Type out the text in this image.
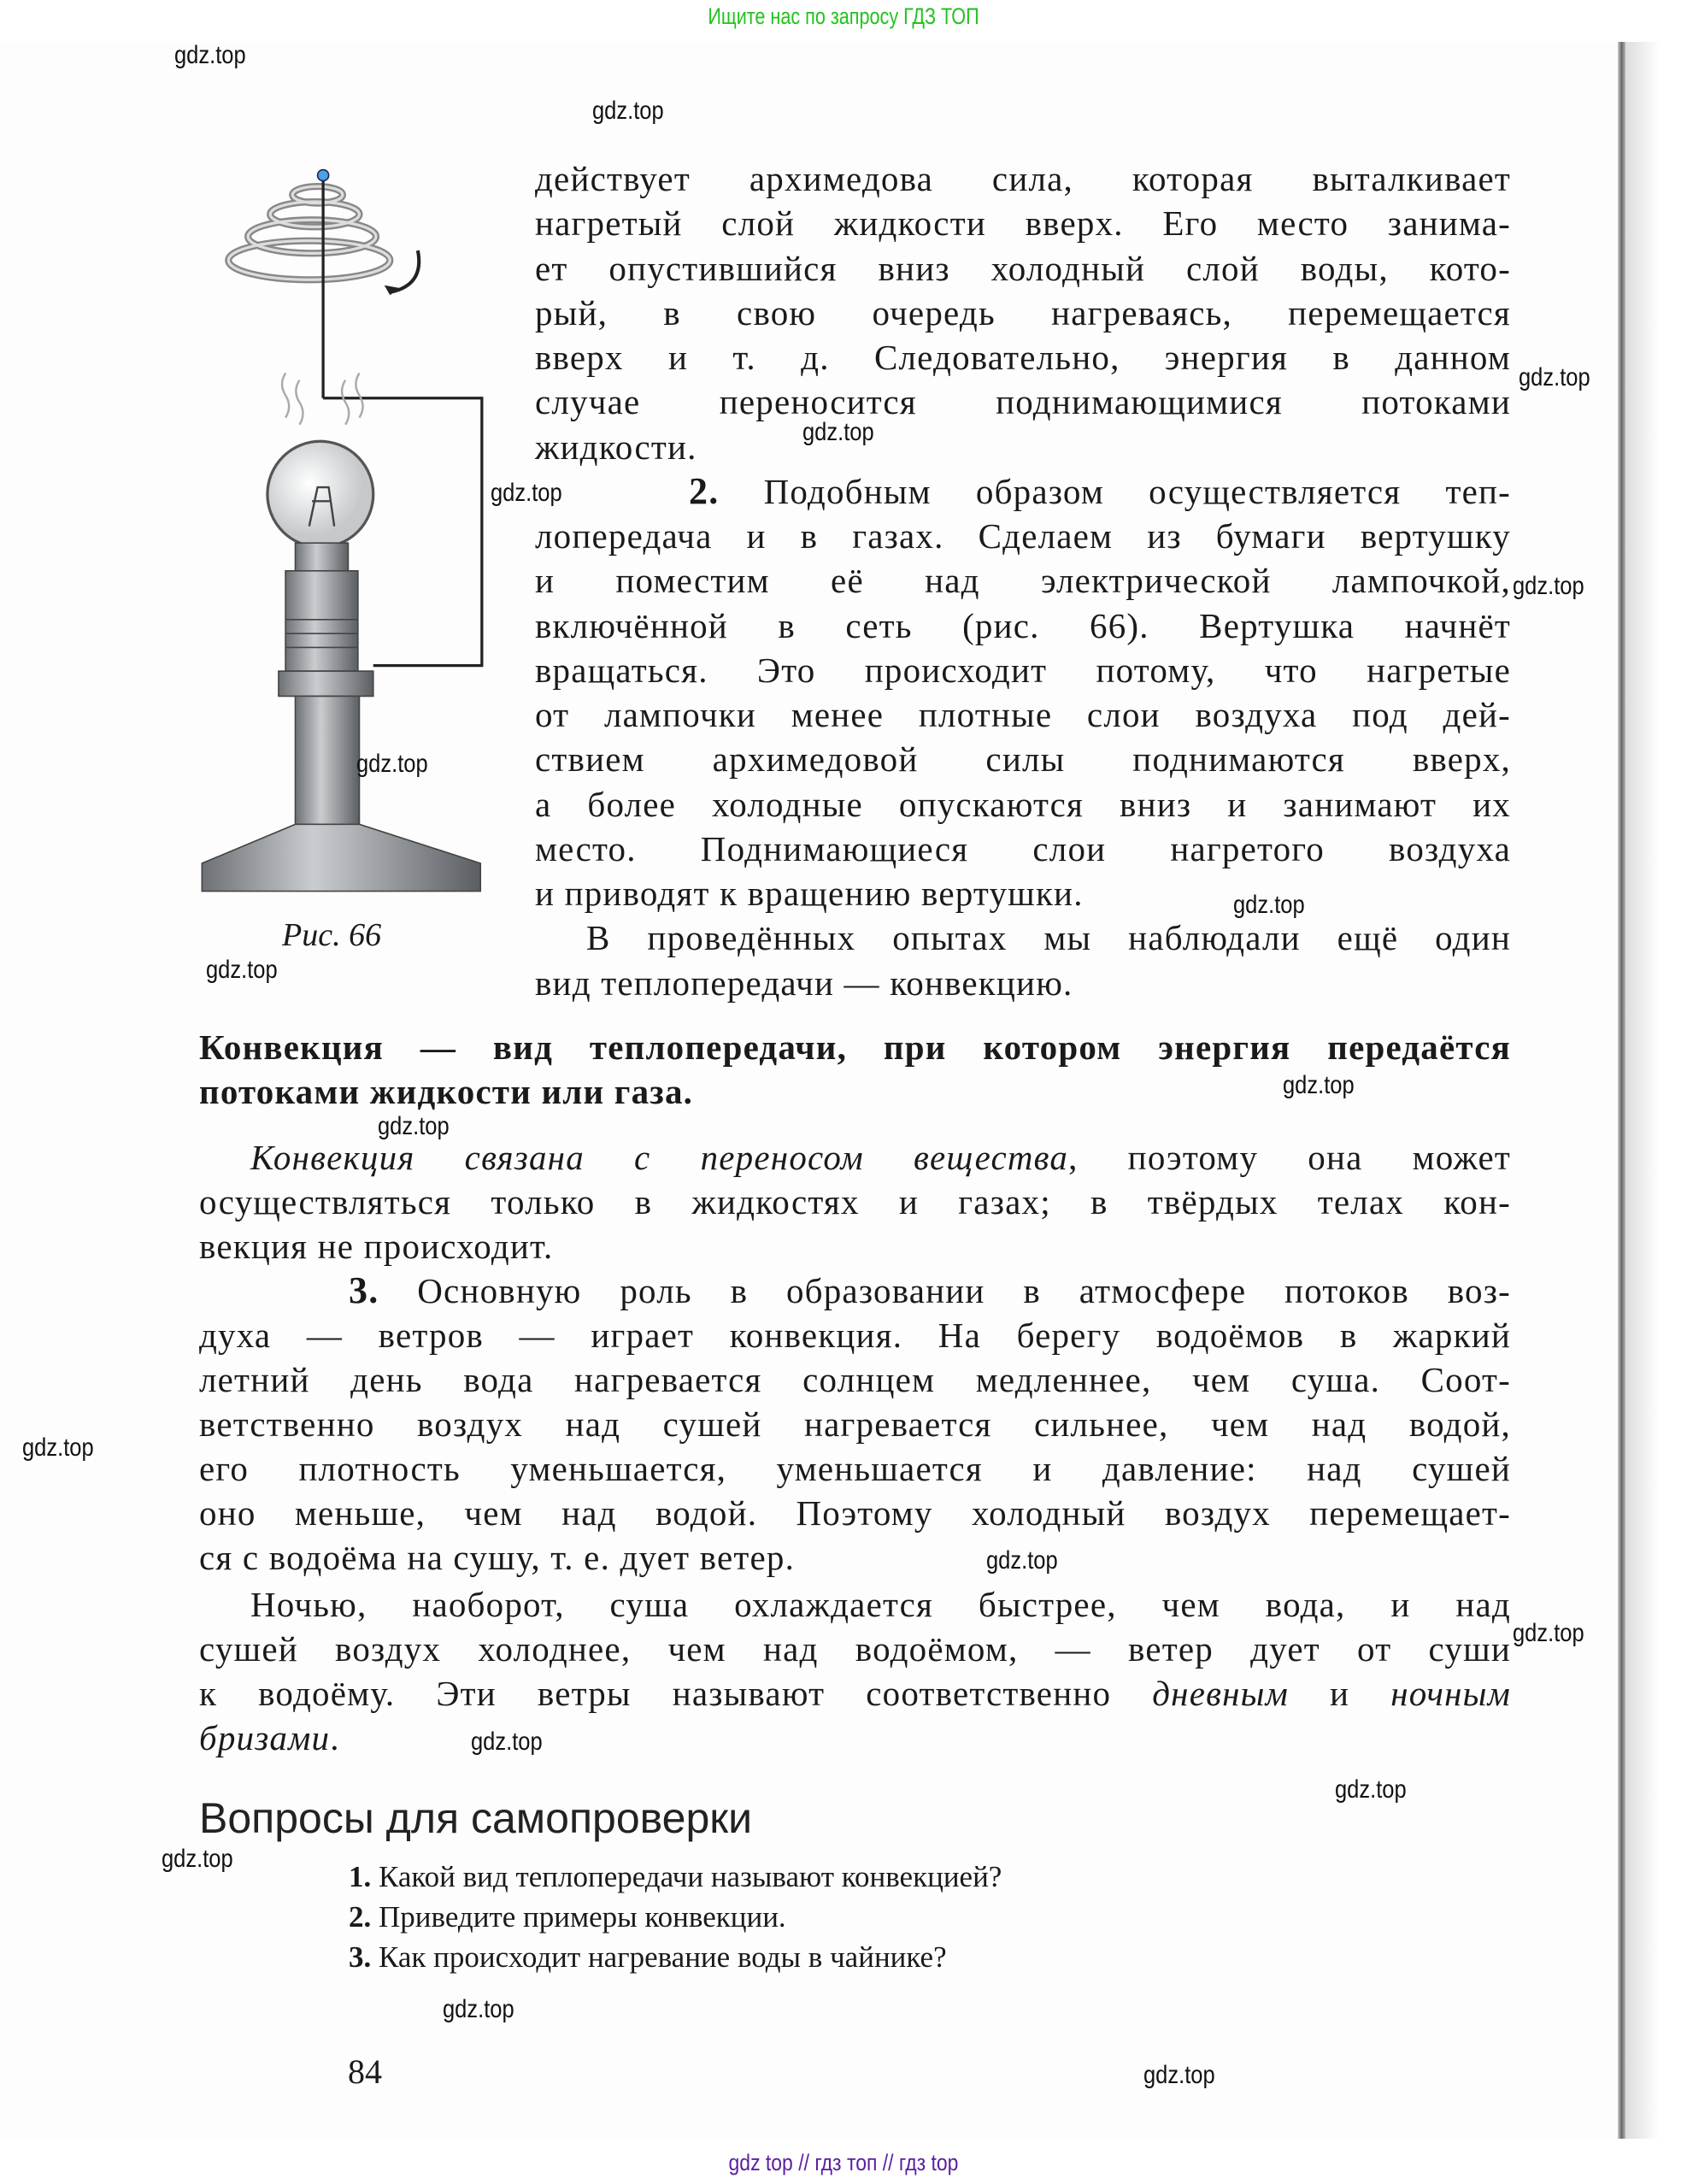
Ищите нас по запросу ГДЗ ТОП
Рис. 66
действует архимедова сила, которая выталкивает
нагретый слой жидкости вверх. Его место занима-
ет опустившийся вниз холодный слой воды, кото-
рый, в свою очередь нагреваясь, перемещается
вверх и т. д. Следовательно, энергия в данном
случае переносится поднимающимися потоками
жидкости.
2. Подобным образом осуществляется теп-
лопередача и в газах. Сделаем из бумаги вертушку
и поместим её над электрической лампочкой,
включённой в сеть (рис. 66). Вертушка начнёт
вращаться. Это происходит потому, что нагретые
от лампочки менее плотные слои воздуха под дей-
ствием архимедовой силы поднимаются вверх,
а более холодные опускаются вниз и занимают их
место. Поднимающиеся слои нагретого воздуха
и приводят к вращению вертушки.
В проведённых опытах мы наблюдали ещё один
вид теплопередачи — конвекцию.
Конвекция — вид теплопередачи, при котором энергия передаётся
потоками жидкости или газа.
Конвекция связана с переносом вещества, поэтому она может
осуществляться только в жидкостях и газах; в твёрдых телах кон-
векция не происходит.
3. Основную роль в образовании в атмосфере потоков воз-
духа — ветров — играет конвекция. На берегу водоёмов в жаркий
летний день вода нагревается солнцем медленнее, чем суша. Соот-
ветственно воздух над сушей нагревается сильнее, чем над водой,
его плотность уменьшается, уменьшается и давление: над сушей
оно меньше, чем над водой. Поэтому холодный воздух перемещает-
ся с водоёма на сушу, т. е. дует ветер.
Ночью, наоборот, суша охлаждается быстрее, чем вода, и над
сушей воздух холоднее, чем над водоёмом, — ветер дует от суши
к водоёму. Эти ветры называют соответственно дневным и ночным
бризами.
Вопросы для самопроверки
1. Какой вид теплопередачи называют конвекцией?
2. Приведите примеры конвекции.
3. Как происходит нагревание воды в чайнике?
84
gdz.top
gdz.top
gdz.top
gdz.top
gdz.top
gdz.top
gdz.top
gdz.top
gdz.top
gdz.top
gdz.top
gdz.top
gdz.top
gdz.top
gdz.top
gdz.top
gdz.top
gdz.top
gdz.top
gdz top // гдз топ // гдз top
